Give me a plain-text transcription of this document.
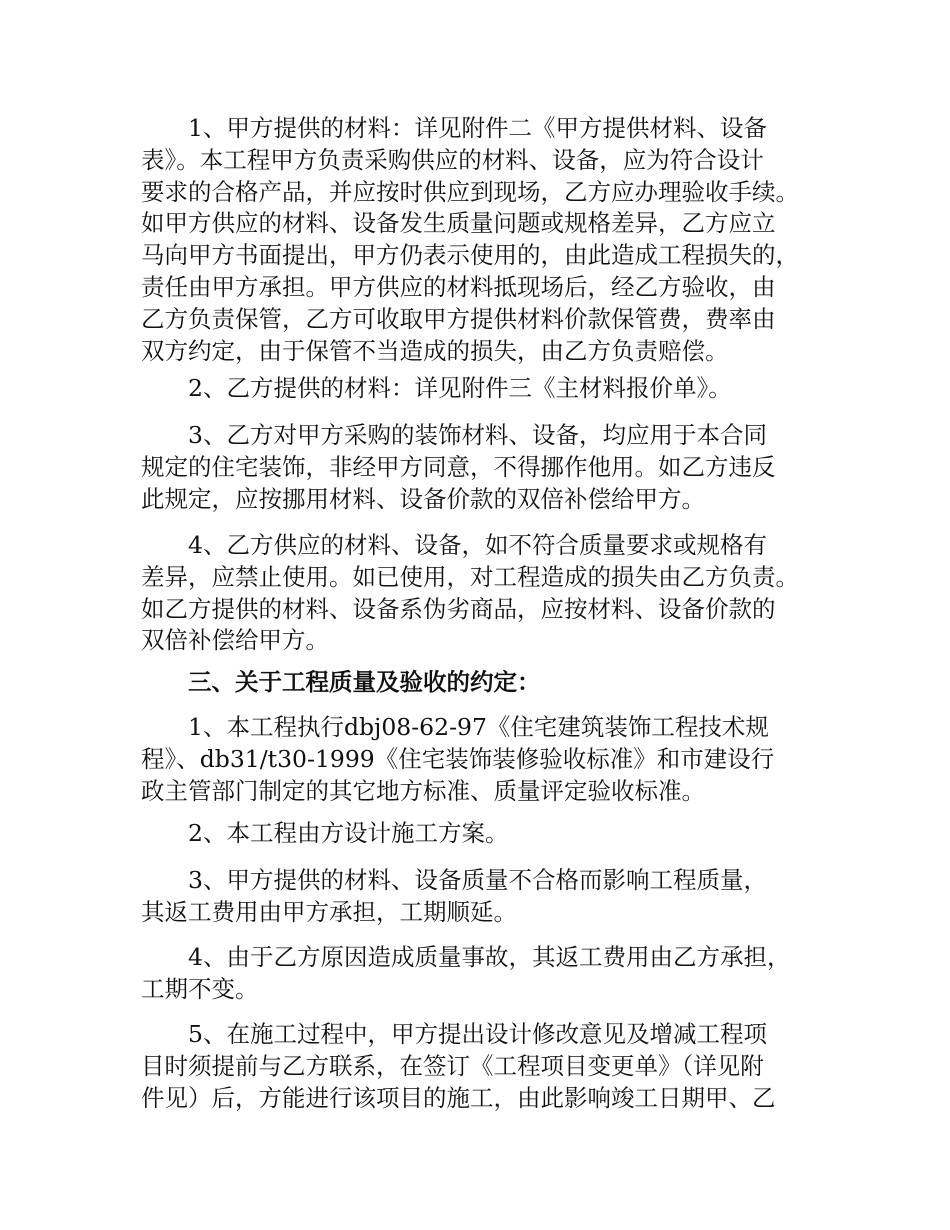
1、甲方提供的材料：详见附件二《甲方提供材料、设备
表》。本工程甲方负责采购供应的材料、设备，应为符合设计
要求的合格产品，并应按时供应到现场，乙方应办理验收手续。
如甲方供应的材料、设备发生质量问题或规格差异，乙方应立
马向甲方书面提出，甲方仍表示使用的，由此造成工程损失的，
责任由甲方承担。甲方供应的材料抵现场后，经乙方验收，由
乙方负责保管，乙方可收取甲方提供材料价款保管费，费率由
双方约定，由于保管不当造成的损失，由乙方负责赔偿。
2、乙方提供的材料：详见附件三《主材料报价单》。
3、乙方对甲方采购的装饰材料、设备，均应用于本合同
规定的住宅装饰，非经甲方同意，不得挪作他用。如乙方违反
此规定，应按挪用材料、设备价款的双倍补偿给甲方。
4、乙方供应的材料、设备，如不符合质量要求或规格有
差异，应禁止使用。如已使用，对工程造成的损失由乙方负责。
如乙方提供的材料、设备系伪劣商品，应按材料、设备价款的
双倍补偿给甲方。
三、关于工程质量及验收的约定：
1、本工程执行dbj08-62-97《住宅建筑装饰工程技术规
程》、db31/t30-1999《住宅装饰装修验收标准》和市建设行
政主管部门制定的其它地方标准、质量评定验收标准。
2、本工程由方设计施工方案。
3、甲方提供的材料、设备质量不合格而影响工程质量，
其返工费用由甲方承担，工期顺延。
4、由于乙方原因造成质量事故，其返工费用由乙方承担，
工期不变。
5、在施工过程中，甲方提出设计修改意见及增减工程项
目时须提前与乙方联系，在签订《工程项目变更单》（详见附
件见）后，方能进行该项目的施工，由此影响竣工日期甲、乙
